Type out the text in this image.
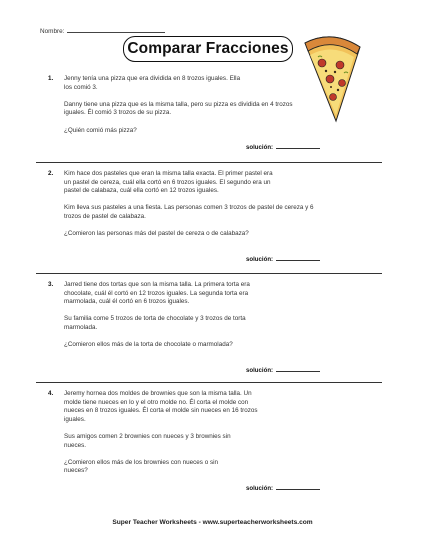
Nombre:
Comparar Fracciones
1. Jenny tenía una pizza que era dividida en 8 trozos iguales. Ella los comió 3.

Danny tiene una pizza que es la misma talla, pero su pizza es dividida en 4 trozos iguales. Él comió 3 trozos de su pizza.

¿Quién comió más pizza?

solución:
2. Kim hace dos pasteles que eran la misma talla exacta. El primer pastel era un pastel de cereza, cuál ella cortó en 6 trozos iguales. El segundo era un pastel de calabaza, cuál ella cortó en 12 trozos iguales.

Kim lleva sus pasteles a una fiesta. Las personas comen 3 trozos de pastel de cereza y 6 trozos de pastel de calabaza.

¿Comieron las personas más del pastel de cereza o de calabaza?

solución:
3. Jarred tiene dos tortas que son la misma talla. La primera torta era chocolate, cuál él cortó en 12 trozos iguales. La segunda torta era marmolada, cuál él cortó en 6 trozos iguales.

Su familia come 5 trozos de torta de chocolate y 3 trozos de torta marmolada.

¿Comieron ellos más de la torta de chocolate o marmolada?

solución:
4. Jeremy hornea dos moldes de brownies que son la misma talla. Un molde tiene nueces en lo y el otro molde no. Él corta el molde con nueces en 8 trozos iguales. Él corta el molde sin nueces en 16 trozos iguales.

Sus amigos comen 2 brownies con nueces y 3 brownies sin nueces.

¿Comieron ellos más de los brownies con nueces o sin nueces?

solución:
Super Teacher Worksheets - www.superteacherworksheets.com
